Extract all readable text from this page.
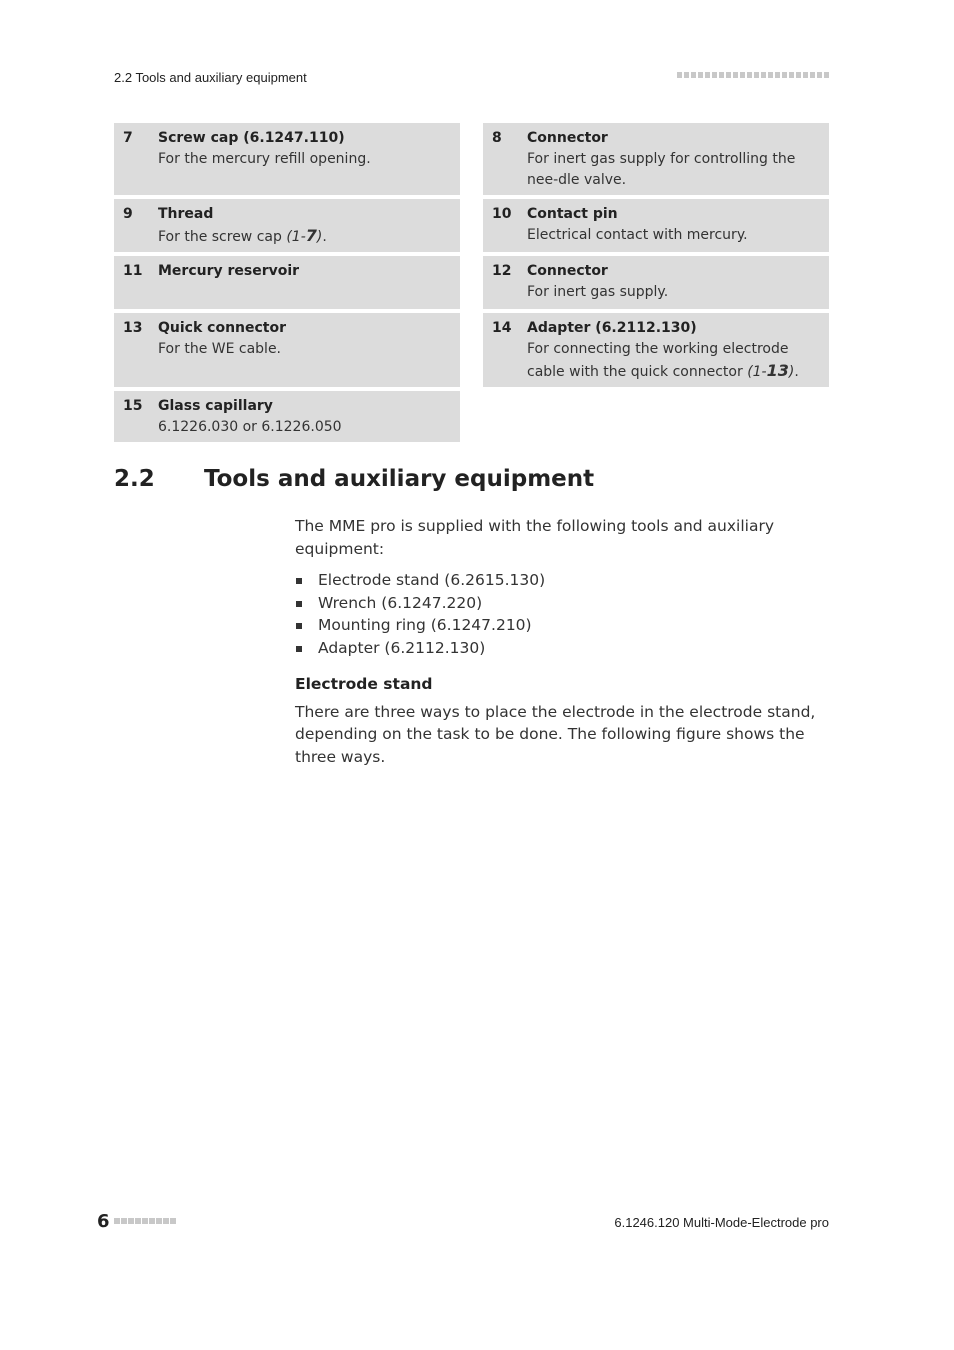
2.2 Tools and auxiliary equipment
7	Screw cap (6.1247.110)
For the mercury refill opening.
8	Connector
For inert gas supply for controlling the nee-dle valve.
9	Thread
For the screw cap (1-7).
10	Contact pin
Electrical contact with mercury.
11	Mercury reservoir	12	Connector
For inert gas supply.
13	Quick connector
For the WE cable.
14	Adapter (6.2112.130)
For connecting the working electrode cable with the quick connector (1-13).
15	Glass capillary
6.1226.030 or 6.1226.050
2.2 Tools and auxiliary equipment

The MME pro is supplied with the following tools and auxiliary equipment:

Electrode stand (6.2615.130)
Wrench (6.1247.220)
Mounting ring (6.1247.210)
Adapter (6.2112.130)
Electrode stand

There are three ways to place the electrode in the electrode stand, depending on the task to be done. The following figure shows the three ways.

6	6.1246.120 Multi-Mode-Electrode pro
